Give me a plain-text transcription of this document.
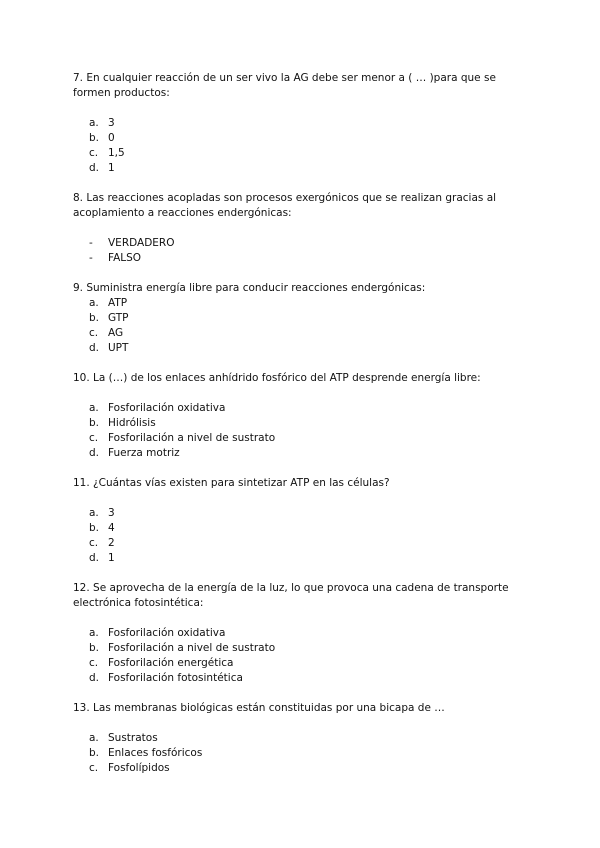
7. En cualquier reacción de un ser vivo la AG debe ser menor a ( … )para que se formen productos:

a. 3
b. 0
c. 1,5
d. 1

8. Las reacciones acopladas son procesos exergónicos que se realizan gracias al acoplamiento a reacciones endergónicas:

- VERDADERO
- FALSO

9. Suministra energía libre para conducir reacciones endergónicas:

a. ATP
b. GTP
c. AG
d. UPT

10. La (…) de los enlaces anhídrido fosfórico del ATP desprende energía libre:

a. Fosforilación oxidativa
b. Hidrólisis
c. Fosforilación a nivel de sustrato
d. Fuerza motriz

11. ¿Cuántas vías existen para sintetizar ATP en las células?

a. 3
b. 4
c. 2
d. 1

12. Se aprovecha de la energía de la luz, lo que provoca una cadena de transporte electrónica fotosintética:

a. Fosforilación oxidativa
b. Fosforilación a nivel de sustrato
c. Fosforilación energética
d. Fosforilación fotosintética

13. Las membranas biológicas están constituidas por una bicapa de …

a. Sustratos
b. Enlaces fosfóricos
c. Fosfolípidos
